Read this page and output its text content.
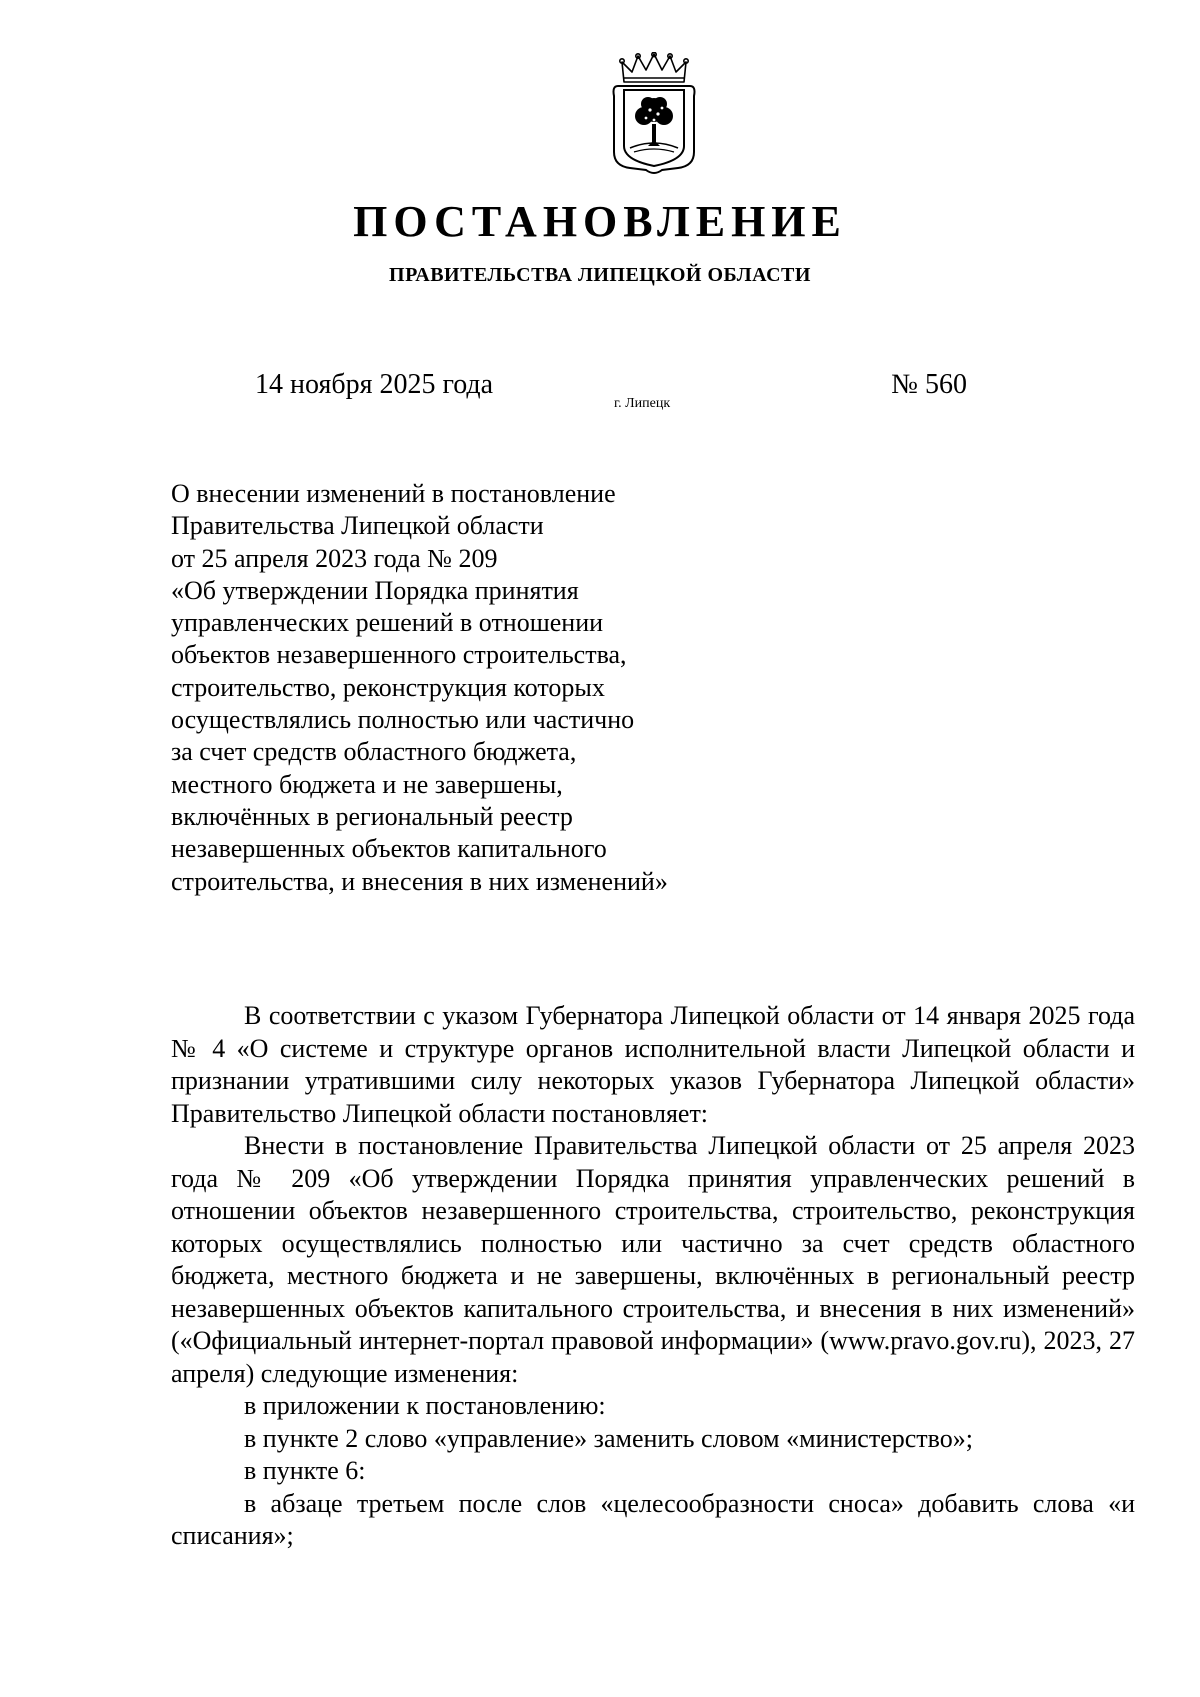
ПОСТАНОВЛЕНИЕ
ПРАВИТЕЛЬСТВА ЛИПЕЦКОЙ ОБЛАСТИ
14 ноября 2025 года
г. Липецк
№ 560
О внесении изменений в постановление
Правительства Липецкой области
от 25 апреля 2023 года № 209
«Об утверждении Порядка принятия
управленческих решений в отношении
объектов незавершенного строительства,
строительство, реконструкция которых
осуществлялись полностью или частично
за счет средств областного бюджета,
местного бюджета и не завершены,
включённых в региональный реестр
незавершенных объектов капитального
строительства, и внесения в них изменений»

В соответствии с указом Губернатора Липецкой области от 14 января 2025 года № 4 «О системе и структуре органов исполнительной власти Липецкой области и признании утратившими силу некоторых указов Губернатора Липецкой области» Правительство Липецкой области постановляет:

Внести в постановление Правительства Липецкой области от 25 апреля 2023 года № 209 «Об утверждении Порядка принятия управленческих решений в отношении объектов незавершенного строительства, строительство, реконструкция которых осуществлялись полностью или частично за счет средств областного бюджета, местного бюджета и не завершены, включённых в региональный реестр незавершенных объектов капитального строительства, и внесения в них изменений» («Официальный интернет-портал правовой информации» (www.pravo.gov.ru), 2023, 27 апреля) следующие изменения:

в приложении к постановлению:

в пункте 2 слово «управление» заменить словом «министерство»;

в пункте 6:

в абзаце третьем после слов «целесообразности сноса» добавить слова «и списания»;
